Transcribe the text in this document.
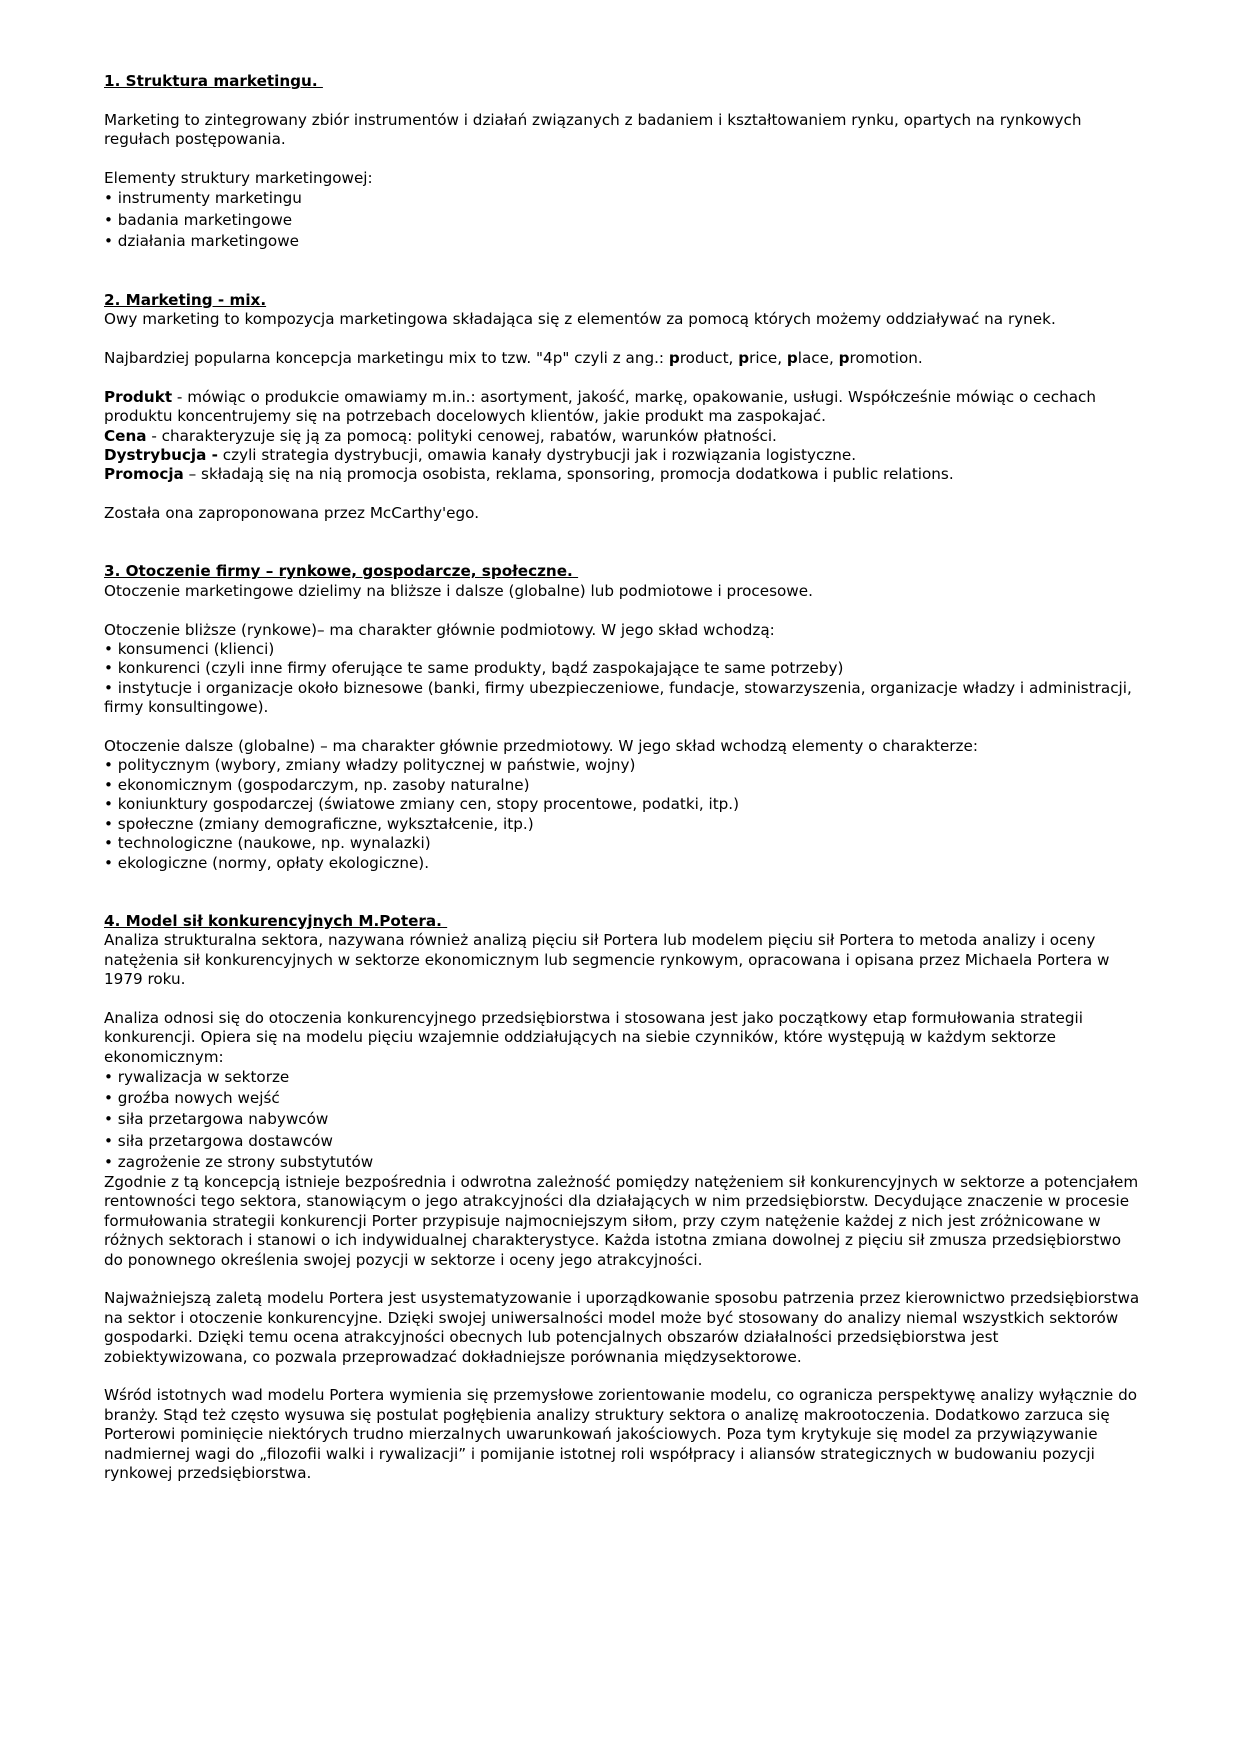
1. Struktura marketingu.

Marketing to zintegrowany zbiór instrumentów i działań związanych z badaniem i kształtowaniem rynku, opartych na rynkowych regułach postępowania.

Elementy struktury marketingowej:

• instrumenty marketingu

• badania marketingowe

• działania marketingowe

2. Marketing - mix.

Owy marketing to kompozycja marketingowa składająca się z elementów za pomocą których możemy oddziaływać na rynek.

Najbardziej popularna koncepcja marketingu mix to tzw. "4p" czyli z ang.: product, price, place, promotion.

Produkt - mówiąc o produkcie omawiamy m.in.: asortyment, jakość, markę, opakowanie, usługi. Współcześnie mówiąc o cechach produktu koncentrujemy się na potrzebach docelowych klientów, jakie produkt ma zaspokajać.

Cena - charakteryzuje się ją za pomocą: polityki cenowej, rabatów, warunków płatności.

Dystrybucja - czyli strategia dystrybucji, omawia kanały dystrybucji jak i rozwiązania logistyczne.

Promocja – składają się na nią promocja osobista, reklama, sponsoring, promocja dodatkowa i public relations.

Została ona zaproponowana przez McCarthy'ego.

3. Otoczenie firmy – rynkowe, gospodarcze, społeczne.

Otoczenie marketingowe dzielimy na bliższe i dalsze (globalne) lub podmiotowe i procesowe.

Otoczenie bliższe (rynkowe)– ma charakter głównie podmiotowy. W jego skład wchodzą:

• konsumenci (klienci)

• konkurenci (czyli inne firmy oferujące te same produkty, bądź zaspokajające te same potrzeby)

• instytucje i organizacje około biznesowe (banki, firmy ubezpieczeniowe, fundacje, stowarzyszenia, organizacje władzy i administracji, firmy konsultingowe).

Otoczenie dalsze (globalne) – ma charakter głównie przedmiotowy. W jego skład wchodzą elementy o charakterze:

• politycznym (wybory, zmiany władzy politycznej w państwie, wojny)

• ekonomicznym (gospodarczym, np. zasoby naturalne)

• koniunktury gospodarczej (światowe zmiany cen, stopy procentowe, podatki, itp.)

• społeczne (zmiany demograficzne, wykształcenie, itp.)

• technologiczne (naukowe, np. wynalazki)

• ekologiczne (normy, opłaty ekologiczne).

4. Model sił konkurencyjnych M.Potera.

Analiza strukturalna sektora, nazywana również analizą pięciu sił Portera lub modelem pięciu sił Portera to metoda analizy i oceny natężenia sił konkurencyjnych w sektorze ekonomicznym lub segmencie rynkowym, opracowana i opisana przez Michaela Portera w 1979 roku.

Analiza odnosi się do otoczenia konkurencyjnego przedsiębiorstwa i stosowana jest jako początkowy etap formułowania strategii konkurencji. Opiera się na modelu pięciu wzajemnie oddziałujących na siebie czynników, które występują w każdym sektorze ekonomicznym:

• rywalizacja w sektorze

• groźba nowych wejść

• siła przetargowa nabywców

• siła przetargowa dostawców

• zagrożenie ze strony substytutów

Zgodnie z tą koncepcją istnieje bezpośrednia i odwrotna zależność pomiędzy natężeniem sił konkurencyjnych w sektorze a potencjałem rentowności tego sektora, stanowiącym o jego atrakcyjności dla działających w nim przedsiębiorstw. Decydujące znaczenie w procesie formułowania strategii konkurencji Porter przypisuje najmocniejszym siłom, przy czym natężenie każdej z nich jest zróżnicowane w różnych sektorach i stanowi o ich indywidualnej charakterystyce. Każda istotna zmiana dowolnej z pięciu sił zmusza przedsiębiorstwo do ponownego określenia swojej pozycji w sektorze i oceny jego atrakcyjności.

Najważniejszą zaletą modelu Portera jest usystematyzowanie i uporządkowanie sposobu patrzenia przez kierownictwo przedsiębiorstwa na sektor i otoczenie konkurencyjne. Dzięki swojej uniwersalności model może być stosowany do analizy niemal wszystkich sektorów gospodarki. Dzięki temu ocena atrakcyjności obecnych lub potencjalnych obszarów działalności przedsiębiorstwa jest zobiektywizowana, co pozwala przeprowadzać dokładniejsze porównania międzysektorowe.

Wśród istotnych wad modelu Portera wymienia się przemysłowe zorientowanie modelu, co ogranicza perspektywę analizy wyłącznie do branży. Stąd też często wysuwa się postulat pogłębienia analizy struktury sektora o analizę makrootoczenia. Dodatkowo zarzuca się Porterowi pominięcie niektórych trudno mierzalnych uwarunkowań jakościowych. Poza tym krytykuje się model za przywiązywanie nadmiernej wagi do „filozofii walki i rywalizacji” i pomijanie istotnej roli współpracy i aliansów strategicznych w budowaniu pozycji rynkowej przedsiębiorstwa.
